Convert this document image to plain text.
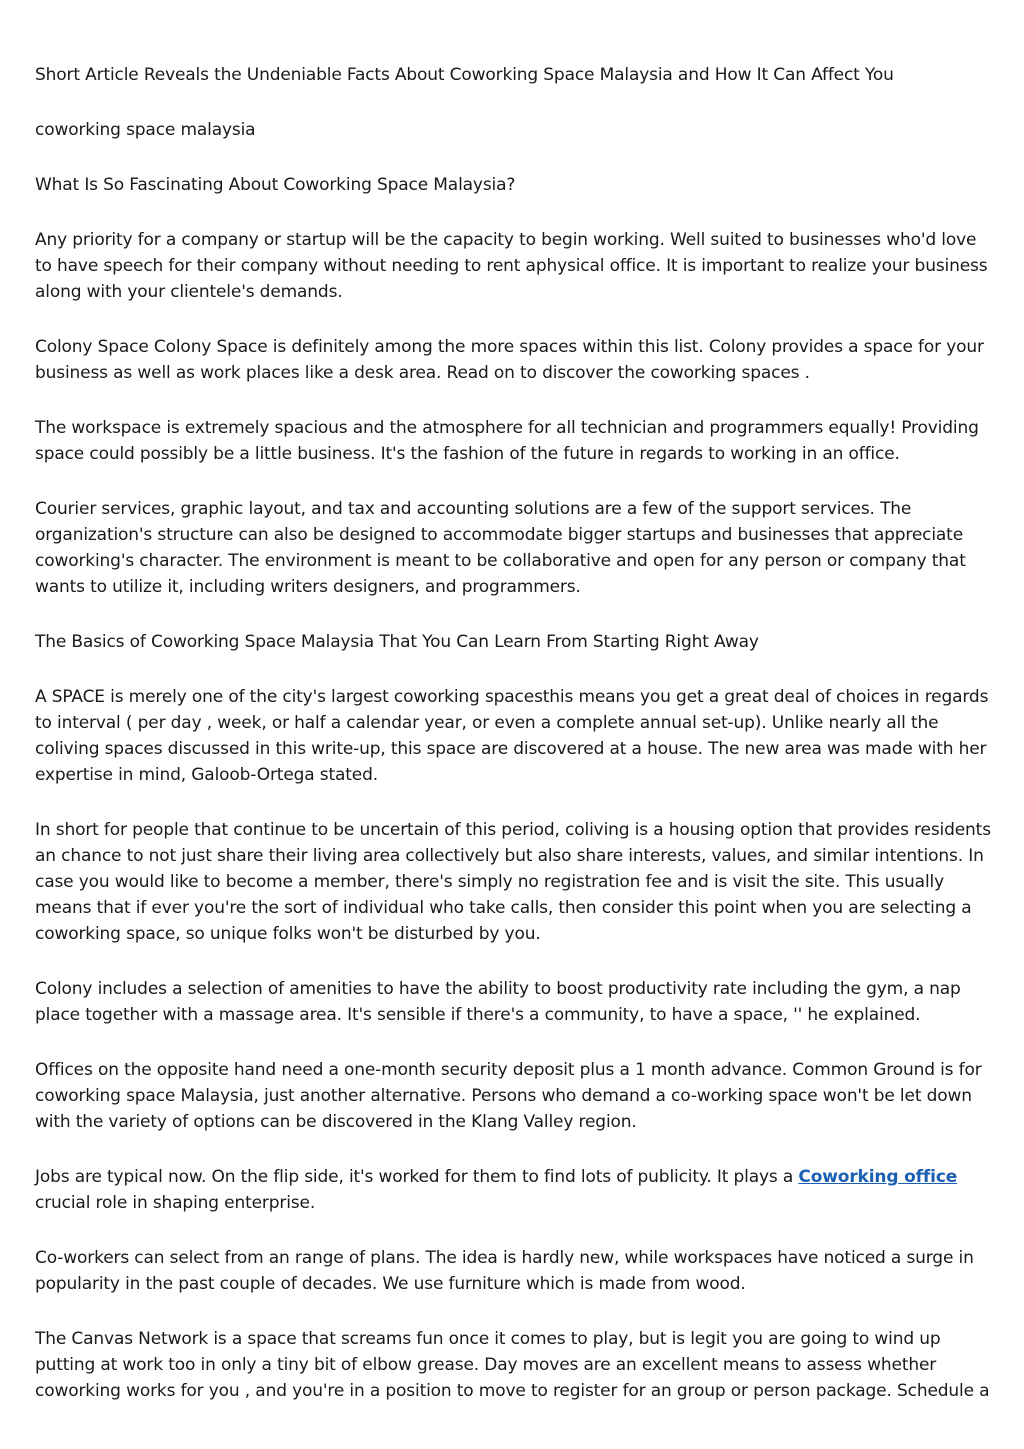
Short Article Reveals the Undeniable Facts About Coworking Space Malaysia and How It Can Affect You

coworking space malaysia

What Is So Fascinating About Coworking Space Malaysia?

Any priority for a company or startup will be the capacity to begin working. Well suited to businesses who'd love to have speech for their company without needing to rent aphysical office. It is important to realize your business along with your clientele's demands.

Colony Space Colony Space is definitely among the more spaces within this list. Colony provides a space for your business as well as work places like a desk area. Read on to discover the coworking spaces .

The workspace is extremely spacious and the atmosphere for all technician and programmers equally! Providing space could possibly be a little business. It's the fashion of the future in regards to working in an office.

Courier services, graphic layout, and tax and accounting solutions are a few of the support services. The organization's structure can also be designed to accommodate bigger startups and businesses that appreciate coworking's character. The environment is meant to be collaborative and open for any person or company that wants to utilize it, including writers designers, and programmers.

The Basics of Coworking Space Malaysia That You Can Learn From Starting Right Away

A SPACE is merely one of the city's largest coworking spacesthis means you get a great deal of choices in regards to interval ( per day , week, or half a calendar year, or even a complete annual set-up). Unlike nearly all the coliving spaces discussed in this write-up, this space are discovered at a house. The new area was made with her expertise in mind, Galoob-Ortega stated.

In short for people that continue to be uncertain of this period, coliving is a housing option that provides residents an chance to not just share their living area collectively but also share interests, values, and similar intentions. In case you would like to become a member, there's simply no registration fee and is visit the site. This usually means that if ever you're the sort of individual who take calls, then consider this point when you are selecting a coworking space, so unique folks won't be disturbed by you.

Colony includes a selection of amenities to have the ability to boost productivity rate including the gym, a nap place together with a massage area. It's sensible if there's a community, to have a space, '' he explained.

Offices on the opposite hand need a one-month security deposit plus a 1 month advance. Common Ground is for coworking space Malaysia, just another alternative. Persons who demand a co-working space won't be let down with the variety of options can be discovered in the Klang Valley region.

Jobs are typical now. On the flip side, it's worked for them to find lots of publicity. It plays a Coworking office crucial role in shaping enterprise.

Co-workers can select from an range of plans. The idea is hardly new, while workspaces have noticed a surge in popularity in the past couple of decades. We use furniture which is made from wood.

The Canvas Network is a space that screams fun once it comes to play, but is legit you are going to wind up putting at work too in only a tiny bit of elbow grease. Day moves are an excellent means to assess whether coworking works for you , and you're in a position to move to register for an group or person package. Schedule a
